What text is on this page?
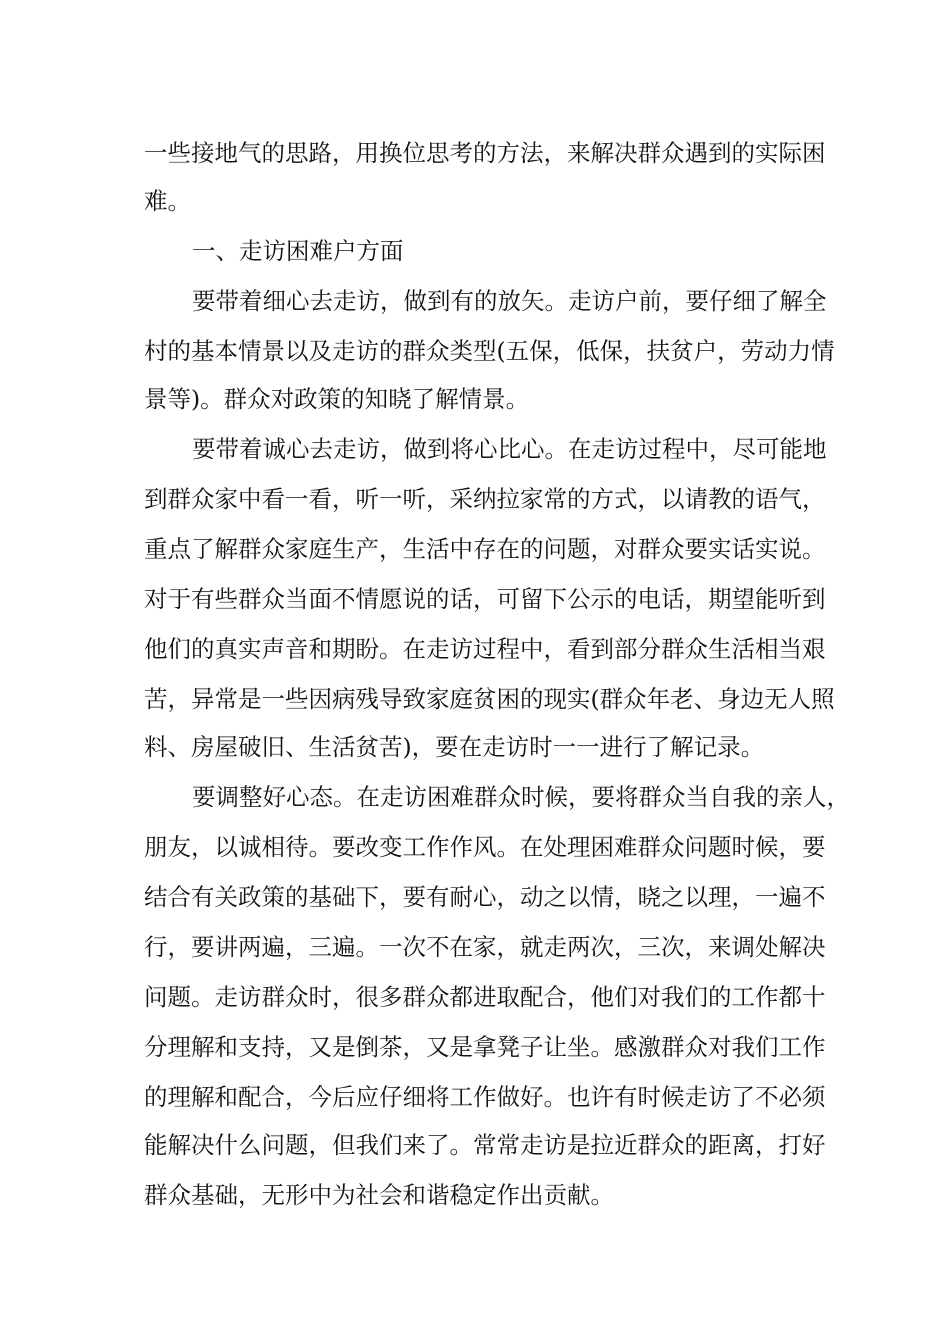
一些接地气的思路，用换位思考的方法，来解决群众遇到的实际困
难。
一、走访困难户方面
要带着细心去走访，做到有的放矢。走访户前，要仔细了解全
村的基本情景以及走访的群众类型(五保，低保，扶贫户，劳动力情
景等)。群众对政策的知晓了解情景。
要带着诚心去走访，做到将心比心。在走访过程中，尽可能地
到群众家中看一看，听一听，采纳拉家常的方式，以请教的语气，
重点了解群众家庭生产，生活中存在的问题，对群众要实话实说。
对于有些群众当面不情愿说的话，可留下公示的电话，期望能听到
他们的真实声音和期盼。在走访过程中，看到部分群众生活相当艰
苦，异常是一些因病残导致家庭贫困的现实(群众年老、身边无人照
料、房屋破旧、生活贫苦)，要在走访时一一进行了解记录。
要调整好心态。在走访困难群众时候，要将群众当自我的亲人，
朋友，以诚相待。要改变工作作风。在处理困难群众问题时候，要
结合有关政策的基础下，要有耐心，动之以情，晓之以理，一遍不
行，要讲两遍，三遍。一次不在家，就走两次，三次，来调处解决
问题。走访群众时，很多群众都进取配合，他们对我们的工作都十
分理解和支持，又是倒茶，又是拿凳子让坐。感激群众对我们工作
的理解和配合，今后应仔细将工作做好。也许有时候走访了不必须
能解决什么问题，但我们来了。常常走访是拉近群众的距离，打好
群众基础，无形中为社会和谐稳定作出贡献。
